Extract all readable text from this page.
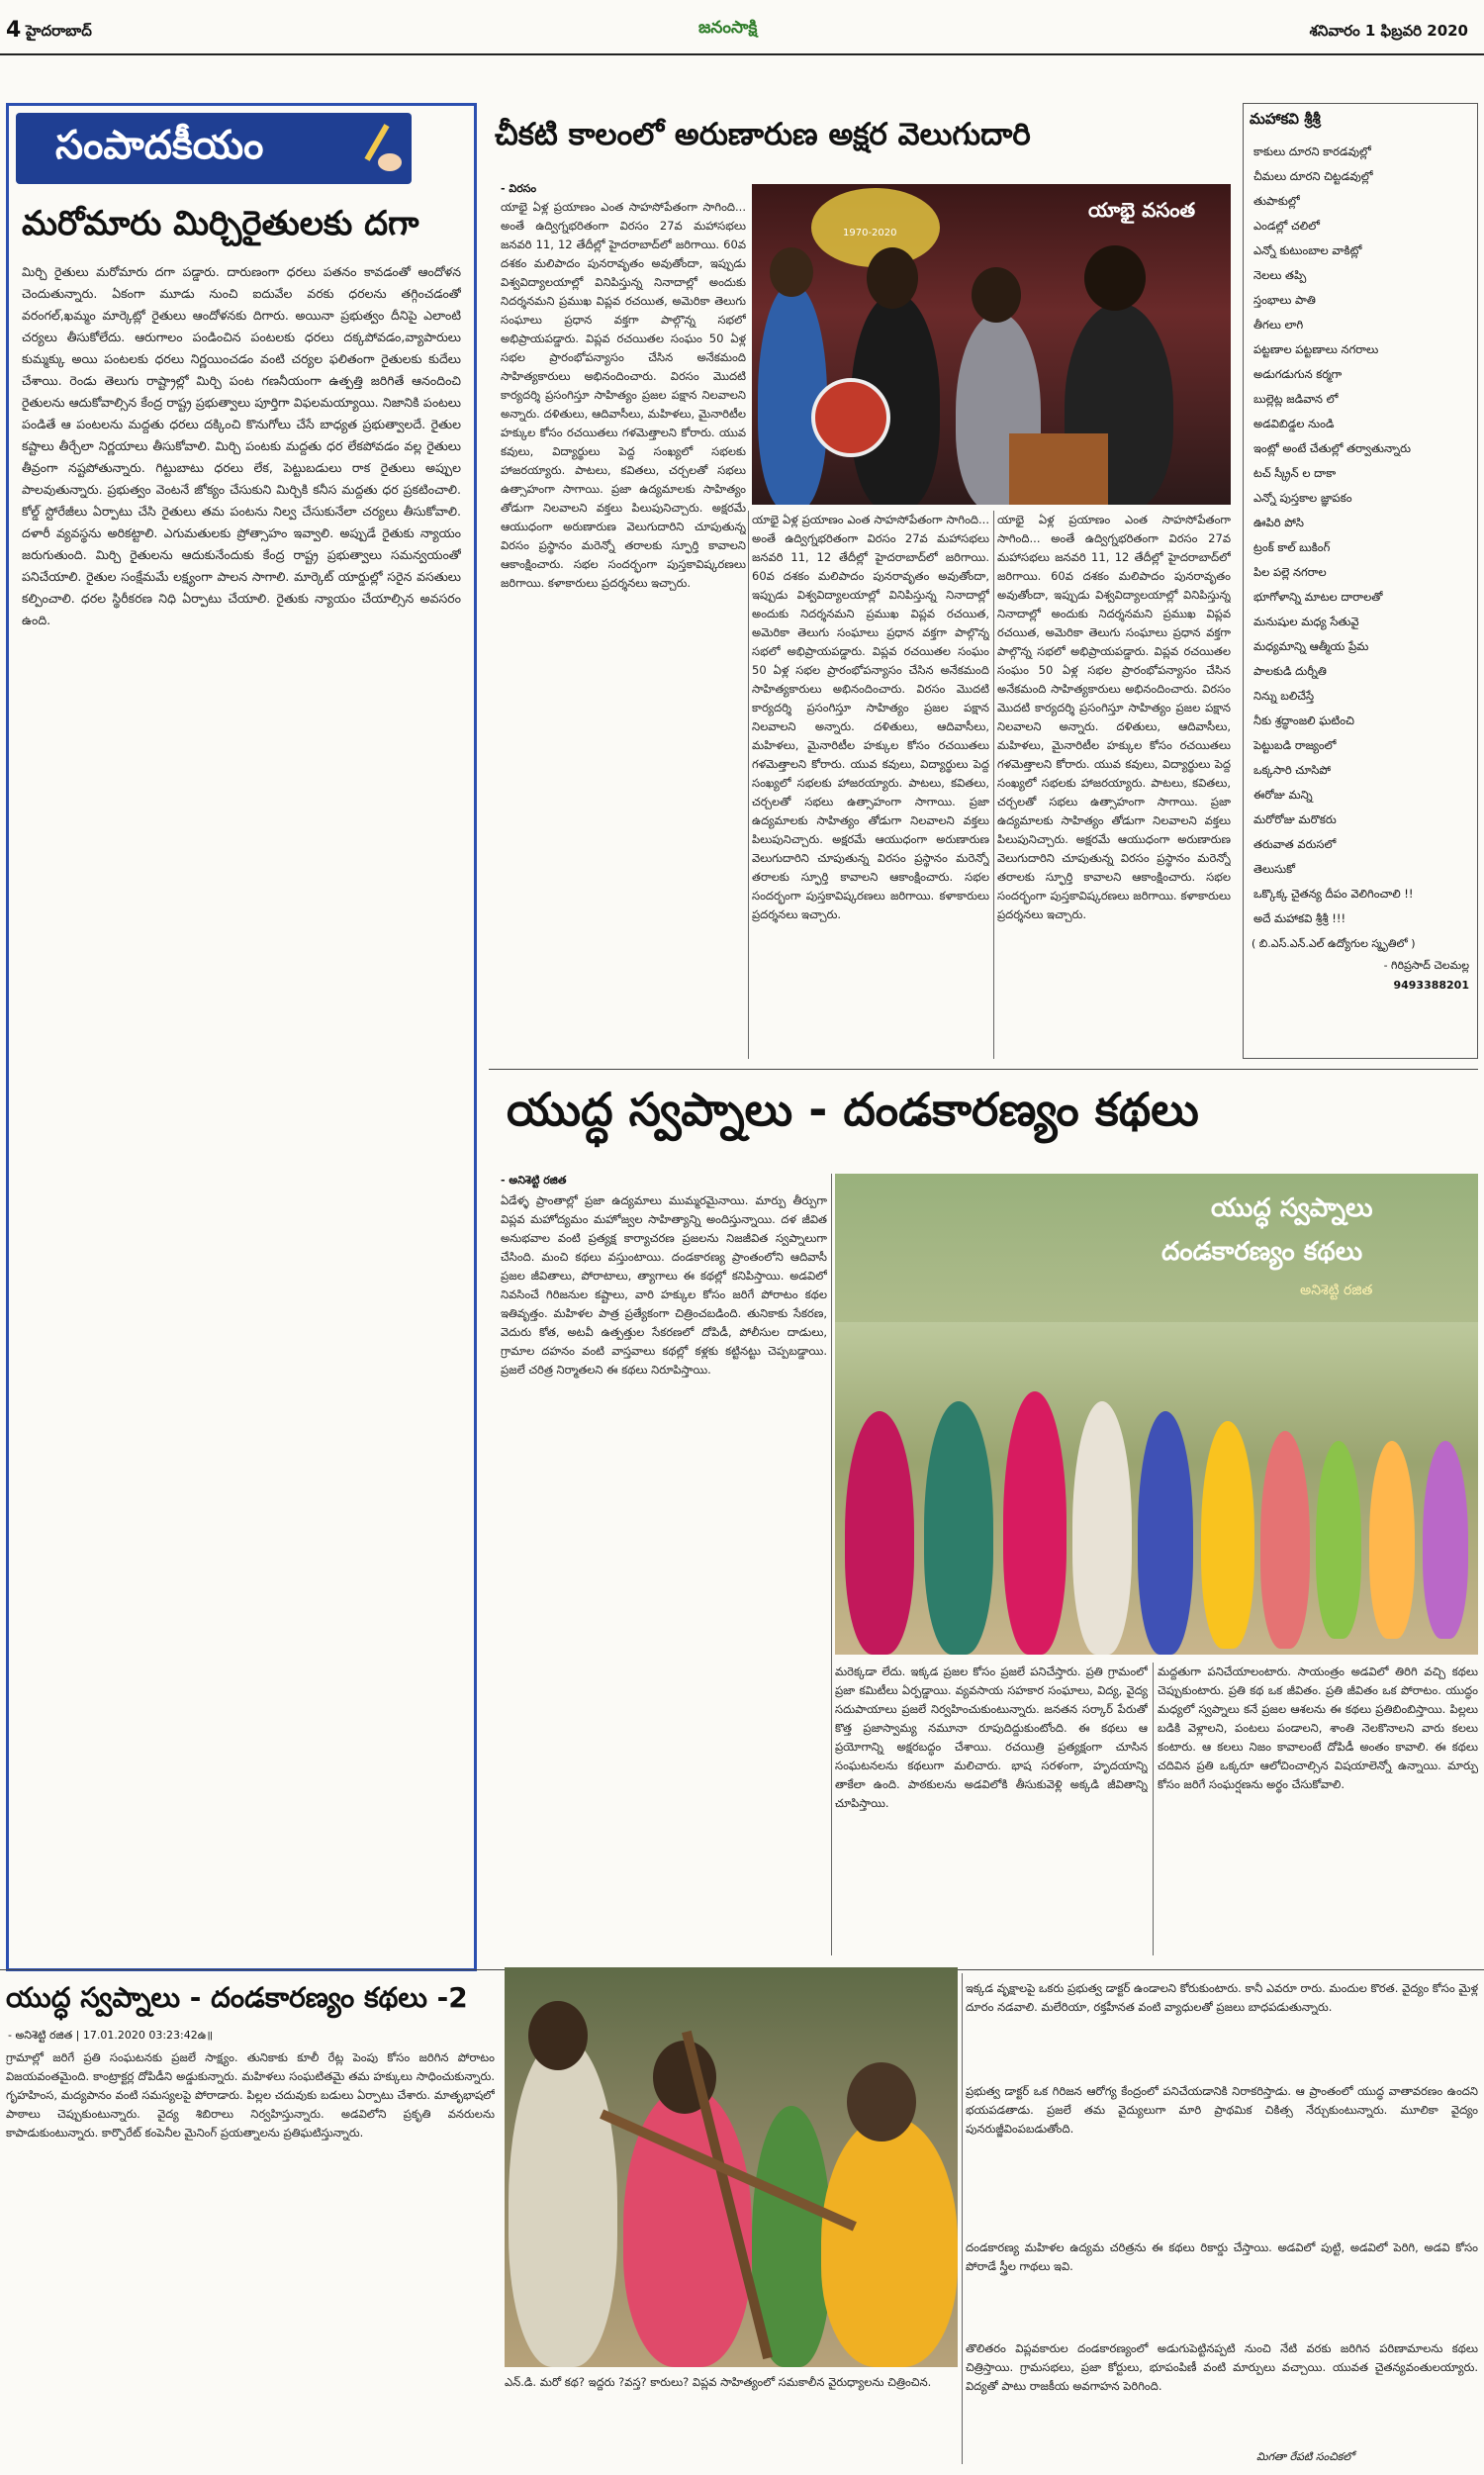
4 హైదరాబాద్	జనంసాక్షి	శనివారం 1 ఫిబ్రవరి 2020
సంపాదకీయం
మరోమారు మిర్చిరైతులకు దగా
మిర్చి రైతులు మరోమారు దగా పడ్డారు. దారుణంగా ధరలు పతనం కావడంతో ఆందోళన చెందుతున్నారు. ఏకంగా మూడు నుంచి ఐదువేల వరకు ధరలను తగ్గించడంతో వరంగల్‌,ఖమ్మం మార్కెట్లో రైతులు ఆందోళనకు దిగారు. అయినా ప్రభుత్వం దీనిపై ఎలాంటి చర్యలు తీసుకోలేదు. ఆరుగాలం పండించిన పంటలకు ధరలు దక్కపోవడం,వ్యాపారులు కుమ్మక్కు అయి పంటలకు ధరలు నిర్ణయించడం వంటి చర్యల ఫలితంగా రైతులకు కుదేలు చేశాయి. రెండు తెలుగు రాష్ట్రాల్లో మిర్చి పంట గణనీయంగా ఉత్పత్తి జరిగితే ఆనందించి రైతులను ఆదుకోవాల్సిన కేంద్ర రాష్ట్ర ప్రభుత్వాలు పూర్తిగా విఫలమయ్యాయి. నిజానికి పంటలు పండితే ఆ పంటలను మద్దతు ధరలు దక్కించి కొనుగోలు చేసే బాధ్యత ప్రభుత్వాలదే. రైతుల కష్టాలు తీర్చేలా నిర్ణయాలు తీసుకోవాలి. మిర్చి పంటకు మద్దతు ధర లేకపోవడం వల్ల రైతులు తీవ్రంగా నష్టపోతున్నారు. గిట్టుబాటు ధరలు లేక, పెట్టుబడులు రాక రైతులు అప్పుల పాలవుతున్నారు. ప్రభుత్వం వెంటనే జోక్యం చేసుకుని మిర్చికి కనీస మద్దతు ధర ప్రకటించాలి. కోల్డ్‌ స్టోరేజీలు ఏర్పాటు చేసి రైతులు తమ పంటను నిల్వ చేసుకునేలా చర్యలు తీసుకోవాలి. దళారీ వ్యవస్థను అరికట్టాలి. ఎగుమతులకు ప్రోత్సాహం ఇవ్వాలి. అప్పుడే రైతుకు న్యాయం జరుగుతుంది. మిర్చి రైతులను ఆదుకునేందుకు కేంద్ర రాష్ట్ర ప్రభుత్వాలు సమన్వయంతో పనిచేయాలి. రైతుల సంక్షేమమే లక్ష్యంగా పాలన సాగాలి. మార్కెట్‌ యార్డుల్లో సరైన వసతులు కల్పించాలి. ధరల స్థిరీకరణ నిధి ఏర్పాటు చేయాలి. రైతుకు న్యాయం చేయాల్సిన అవసరం ఉంది.
చీకటి కాలంలో అరుణారుణ అక్షర వెలుగుదారి
- విరసం
యాభై ఏళ్ల ప్రయాణం ఎంత సాహసోపేతంగా సాగింది... అంతే ఉద్విగ్నభరితంగా విరసం 27వ మహాసభలు జనవరి 11, 12 తేదీల్లో హైదరాబాద్‌లో జరిగాయి. 60వ దశకం మలిపాదం పునరావృతం అవుతోందా, ఇప్పుడు విశ్వవిద్యాలయాల్లో వినిపిస్తున్న నినాదాల్లో అందుకు నిదర్శనమని ప్రముఖ విప్లవ రచయిత, అమెరికా తెలుగు సంఘాలు ప్రధాన వక్తగా పాల్గొన్న సభలో అభిప్రాయపడ్డారు. విప్లవ రచయితల సంఘం 50 ఏళ్ల సభల ప్రారంభోపన్యాసం చేసిన అనేకమంది సాహిత్యకారులు అభినందించారు. విరసం మొదటి కార్యదర్శి ప్రసంగిస్తూ సాహిత్యం ప్రజల పక్షాన నిలవాలని అన్నారు. దళితులు, ఆదివాసీలు, మహిళలు, మైనారిటీల హక్కుల కోసం రచయితలు గళమెత్తాలని కోరారు. యువ కవులు, విద్యార్థులు పెద్ద సంఖ్యలో సభలకు హాజరయ్యారు. పాటలు, కవితలు, చర్చలతో సభలు ఉత్సాహంగా సాగాయి. ప్రజా ఉద్యమాలకు సాహిత్యం తోడుగా నిలవాలని వక్తలు పిలుపునిచ్చారు. అక్షరమే ఆయుధంగా అరుణారుణ వెలుగుదారిని చూపుతున్న విరసం ప్రస్థానం మరెన్నో తరాలకు స్ఫూర్తి కావాలని ఆకాంక్షించారు. సభల సందర్భంగా పుస్తకావిష్కరణలు జరిగాయి. కళాకారులు ప్రదర్శనలు ఇచ్చారు.
1970-2020
యాభై వసంత
యాభై ఏళ్ల ప్రయాణం ఎంత సాహసోపేతంగా సాగింది... అంతే ఉద్విగ్నభరితంగా విరసం 27వ మహాసభలు జనవరి 11, 12 తేదీల్లో హైదరాబాద్‌లో జరిగాయి. 60వ దశకం మలిపాదం పునరావృతం అవుతోందా, ఇప్పుడు విశ్వవిద్యాలయాల్లో వినిపిస్తున్న నినాదాల్లో అందుకు నిదర్శనమని ప్రముఖ విప్లవ రచయిత, అమెరికా తెలుగు సంఘాలు ప్రధాన వక్తగా పాల్గొన్న సభలో అభిప్రాయపడ్డారు. విప్లవ రచయితల సంఘం 50 ఏళ్ల సభల ప్రారంభోపన్యాసం చేసిన అనేకమంది సాహిత్యకారులు అభినందించారు. విరసం మొదటి కార్యదర్శి ప్రసంగిస్తూ సాహిత్యం ప్రజల పక్షాన నిలవాలని అన్నారు. దళితులు, ఆదివాసీలు, మహిళలు, మైనారిటీల హక్కుల కోసం రచయితలు గళమెత్తాలని కోరారు. యువ కవులు, విద్యార్థులు పెద్ద సంఖ్యలో సభలకు హాజరయ్యారు. పాటలు, కవితలు, చర్చలతో సభలు ఉత్సాహంగా సాగాయి. ప్రజా ఉద్యమాలకు సాహిత్యం తోడుగా నిలవాలని వక్తలు పిలుపునిచ్చారు. అక్షరమే ఆయుధంగా అరుణారుణ వెలుగుదారిని చూపుతున్న విరసం ప్రస్థానం మరెన్నో తరాలకు స్ఫూర్తి కావాలని ఆకాంక్షించారు. సభల సందర్భంగా పుస్తకావిష్కరణలు జరిగాయి. కళాకారులు ప్రదర్శనలు ఇచ్చారు.
యాభై ఏళ్ల ప్రయాణం ఎంత సాహసోపేతంగా సాగింది... అంతే ఉద్విగ్నభరితంగా విరసం 27వ మహాసభలు జనవరి 11, 12 తేదీల్లో హైదరాబాద్‌లో జరిగాయి. 60వ దశకం మలిపాదం పునరావృతం అవుతోందా, ఇప్పుడు విశ్వవిద్యాలయాల్లో వినిపిస్తున్న నినాదాల్లో అందుకు నిదర్శనమని ప్రముఖ విప్లవ రచయిత, అమెరికా తెలుగు సంఘాలు ప్రధాన వక్తగా పాల్గొన్న సభలో అభిప్రాయపడ్డారు. విప్లవ రచయితల సంఘం 50 ఏళ్ల సభల ప్రారంభోపన్యాసం చేసిన అనేకమంది సాహిత్యకారులు అభినందించారు. విరసం మొదటి కార్యదర్శి ప్రసంగిస్తూ సాహిత్యం ప్రజల పక్షాన నిలవాలని అన్నారు. దళితులు, ఆదివాసీలు, మహిళలు, మైనారిటీల హక్కుల కోసం రచయితలు గళమెత్తాలని కోరారు. యువ కవులు, విద్యార్థులు పెద్ద సంఖ్యలో సభలకు హాజరయ్యారు. పాటలు, కవితలు, చర్చలతో సభలు ఉత్సాహంగా సాగాయి. ప్రజా ఉద్యమాలకు సాహిత్యం తోడుగా నిలవాలని వక్తలు పిలుపునిచ్చారు. అక్షరమే ఆయుధంగా అరుణారుణ వెలుగుదారిని చూపుతున్న విరసం ప్రస్థానం మరెన్నో తరాలకు స్ఫూర్తి కావాలని ఆకాంక్షించారు. సభల సందర్భంగా పుస్తకావిష్కరణలు జరిగాయి. కళాకారులు ప్రదర్శనలు ఇచ్చారు.
మహాకవి శ్రీశ్రీ
కాకులు దూరని కారడవుల్లో
చీమలు దూరని చిట్టడవుల్లో
తుపాకుల్లో
ఎండల్లో చలిలో
ఎన్నో కుటుంబాల వాకిట్లో
నెలలు తప్పి
స్తంభాలు పాతి
తీగలు లాగి
పట్టణాల పట్టణాలు నగరాలు
అడుగడుగున కర్మగా
బుల్లెట్ల జడివాన లో
అడవిబిడ్డల నుండి
ఇంట్లో అంటే చేతుల్లో తర్వాతున్నారు
టచ్ స్క్రీన్ ల దాకా
ఎన్నో పుస్తకాల జ్ఞాపకం
ఊపిరి పోసి
ట్రంక్ కాల్ బుకింగ్
పిల పల్లె నగరాల
భూగోళాన్ని మాటల దారాలతో
మనుషుల మధ్య సేతువై
మధ్యమాన్ని ఆత్మీయ ప్రేమ
పాలకుడి దుర్నీతి
నిన్ను బలిచేస్తే
నీకు శ్రద్ధాంజలి ఘటించి
పెట్టుబడి రాజ్యంలో
ఒక్కసారి చూసిపో
ఈరోజు మన్ని
మరోరోజు మరొకరు
తరువాత వరుసలో
తెలుసుకో
ఒక్కొక్క చైతన్య దీపం వెలిగించాలి !!
అదే మహాకవి శ్రీశ్రీ !!!
( బి.ఎస్.ఎన్.ఎల్ ఉద్యోగుల స్మృతిలో )
- గిరిప్రసాద్ చెలమల్ల
9493388201
యుద్ధ స్వప్నాలు - దండకారణ్యం కథలు
- అనిశెట్టి రజిత
ఏడేళ్ళ ప్రాంతాల్లో ప్రజా ఉద్యమాలు ముమ్మరమైనాయి. మార్పు తీర్పుగా విప్లవ మహోద్యమం మహోజ్వల సాహిత్యాన్ని అందిస్తున్నాయి. దళ జీవిత అనుభవాల వంటి ప్రత్యక్ష కార్యాచరణ ప్రజలను నిజజీవిత స్వప్నాలుగా చేసింది. మంచి కథలు వస్తుంటాయి. దండకారణ్య ప్రాంతంలోని ఆదివాసీ ప్రజల జీవితాలు, పోరాటాలు, త్యాగాలు ఈ కథల్లో కనిపిస్తాయి. అడవిలో నివసించే గిరిజనుల కష్టాలు, వారి హక్కుల కోసం జరిగే పోరాటం కథల ఇతివృత్తం. మహిళల పాత్ర ప్రత్యేకంగా చిత్రించబడింది. తునికాకు సేకరణ, వెదురు కోత, అటవీ ఉత్పత్తుల సేకరణలో దోపిడీ, పోలీసుల దాడులు, గ్రామాల దహనం వంటి వాస్తవాలు కథల్లో కళ్లకు కట్టినట్టు చెప్పబడ్డాయి. ప్రజలే చరిత్ర నిర్మాతలని ఈ కథలు నిరూపిస్తాయి.
యుద్ధ స్వప్నాలు
దండకారణ్యం కథలు
అనిశెట్టి రజిత
మరెక్కడా లేదు. ఇక్కడ ప్రజల కోసం ప్రజలే పనిచేస్తారు. ప్రతి గ్రామంలో ప్రజా కమిటీలు ఏర్పడ్డాయి. వ్యవసాయ సహకార సంఘాలు, విద్య, వైద్య సదుపాయాలు ప్రజలే నిర్వహించుకుంటున్నారు. జనతన సర్కార్‌ పేరుతో కొత్త ప్రజాస్వామ్య నమూనా రూపుదిద్దుకుంటోంది. ఈ కథలు ఆ ప్రయోగాన్ని అక్షరబద్ధం చేశాయి. రచయిత్రి ప్రత్యక్షంగా చూసిన సంఘటనలను కథలుగా మలిచారు. భాష సరళంగా, హృదయాన్ని తాకేలా ఉంది. పాఠకులను అడవిలోకి తీసుకువెళ్లి అక్కడి జీవితాన్ని చూపిస్తాయి.
మద్దతుగా పనిచేయాలంటారు. సాయంత్రం అడవిలో తిరిగి వచ్చి కథలు చెప్పుకుంటారు. ప్రతి కథ ఒక జీవితం. ప్రతి జీవితం ఒక పోరాటం. యుద్ధం మధ్యలో స్వప్నాలు కనే ప్రజల ఆశలను ఈ కథలు ప్రతిబింబిస్తాయి. పిల్లలు బడికి వెళ్లాలని, పంటలు పండాలని, శాంతి నెలకొనాలని వారు కలలు కంటారు. ఆ కలలు నిజం కావాలంటే దోపిడీ అంతం కావాలి. ఈ కథలు చదివిన ప్రతి ఒక్కరూ ఆలోచించాల్సిన విషయాలెన్నో ఉన్నాయి. మార్పు కోసం జరిగే సంఘర్షణను అర్థం చేసుకోవాలి.
యుద్ధ స్వప్నాలు - దండకారణ్యం కథలు -2
- అనిశెట్టి రజిత | 17.01.2020 03:23:42ఉ॥
గ్రామాల్లో జరిగే ప్రతి సంఘటనకు ప్రజలే సాక్ష్యం. తునికాకు కూలీ రేట్ల పెంపు కోసం జరిగిన పోరాటం విజయవంతమైంది. కాంట్రాక్టర్ల దోపిడీని అడ్డుకున్నారు. మహిళలు సంఘటితమై తమ హక్కులు సాధించుకున్నారు. గృహహింస, మద్యపానం వంటి సమస్యలపై పోరాడారు. పిల్లల చదువుకు బడులు ఏర్పాటు చేశారు. మాతృభాషలో పాఠాలు చెప్పుకుంటున్నారు. వైద్య శిబిరాలు నిర్వహిస్తున్నారు. అడవిలోని ప్రకృతి వనరులను కాపాడుకుంటున్నారు. కార్పొరేట్‌ కంపెనీల మైనింగ్‌ ప్రయత్నాలను ప్రతిఘటిస్తున్నారు.
ఎన్‌.డి. మరో కథ? ఇద్దరు ?వస్త? కారులు? విప్లవ సాహిత్యంలో సమకాలీన వైరుధ్యాలను చిత్రించిన.
ఇక్కడ వృక్షాలపై ఒకరు ప్రభుత్వ డాక్టర్‌ ఉండాలని కోరుకుంటారు. కానీ ఎవరూ రారు. మందుల కొరత. వైద్యం కోసం మైళ్ల దూరం నడవాలి. మలేరియా, రక్తహీనత వంటి వ్యాధులతో ప్రజలు బాధపడుతున్నారు.
ప్రభుత్వ డాక్టర్‌ ఒక గిరిజన ఆరోగ్య కేంద్రంలో పనిచేయడానికి నిరాకరిస్తాడు. ఆ ప్రాంతంలో యుద్ధ వాతావరణం ఉందని భయపడతాడు. ప్రజలే తమ వైద్యులుగా మారి ప్రాథమిక చికిత్స నేర్చుకుంటున్నారు. మూలికా వైద్యం పునరుజ్జీవింపబడుతోంది.
దండకారణ్య మహిళల ఉద్యమ చరిత్రను ఈ కథలు రికార్డు చేస్తాయి. అడవిలో పుట్టి, అడవిలో పెరిగి, అడవి కోసం పోరాడే స్త్రీల గాథలు ఇవి.
తొలితరం విప్లవకారుల దండకారణ్యంలో అడుగుపెట్టినప్పటి నుంచి నేటి వరకు జరిగిన పరిణామాలను కథలు చిత్రిస్తాయి. గ్రామసభలు, ప్రజా కోర్టులు, భూపంపిణీ వంటి మార్పులు వచ్చాయి. యువత చైతన్యవంతులయ్యారు. విద్యతో పాటు రాజకీయ అవగాహన పెరిగింది.
మిగతా రేపటి సంచికలో
